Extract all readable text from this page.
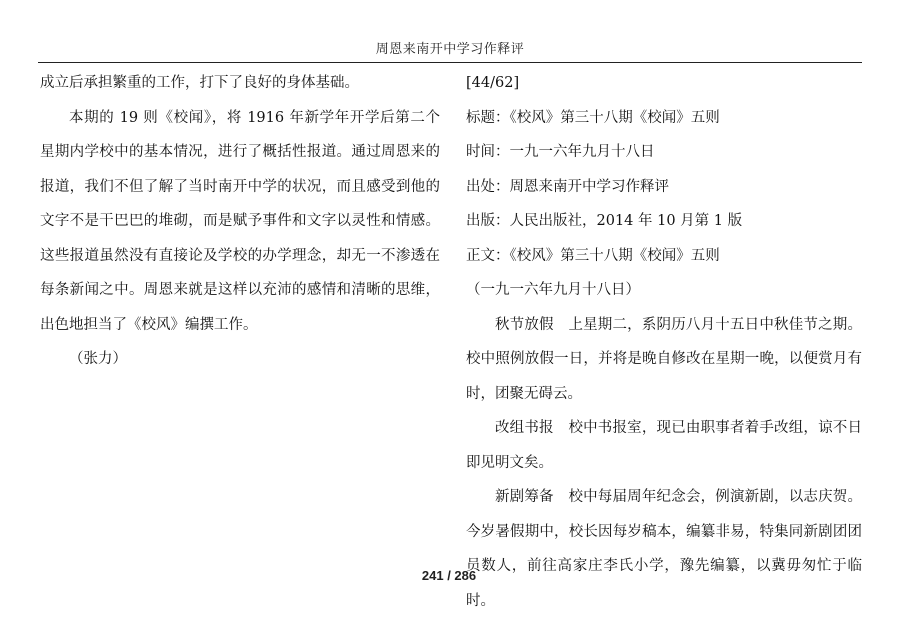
周恩来南开中学习作释评

成立后承担繁重的工作，打下了良好的身体基础。

本期的 19 则《校闻》，将 1916 年新学年开学后第二个星期内学校中的基本情况，进行了概括性报道。通过周恩来的报道，我们不但了解了当时南开中学的状况，而且感受到他的文字不是干巴巴的堆砌，而是赋予事件和文字以灵性和情感。这些报道虽然没有直接论及学校的办学理念，却无一不渗透在每条新闻之中。周恩来就是这样以充沛的感情和清晰的思维，出色地担当了《校风》编撰工作。

（张力）

[44/62]

标题：《校风》第三十八期《校闻》五则

时间：一九一六年九月十八日

出处：周恩来南开中学习作释评

出版：人民出版社，2014 年 10 月第 1 版

正文：《校风》第三十八期《校闻》五则

（一九一六年九月十八日）

秋节放假 上星期二，系阴历八月十五日中秋佳节之期。校中照例放假一日，并将是晚自修改在星期一晚，以便赏月有时，团聚无碍云。

改组书报 校中书报室，现已由职事者着手改组，谅不日即见明文矣。

新剧筹备 校中每届周年纪念会，例演新剧，以志庆贺。今岁暑假期中，校长因每岁稿本，编纂非易，特集同新剧团团员数人，前往高家庄李氏小学，豫先编纂，以冀毋匆忙于临时。

241 / 286
